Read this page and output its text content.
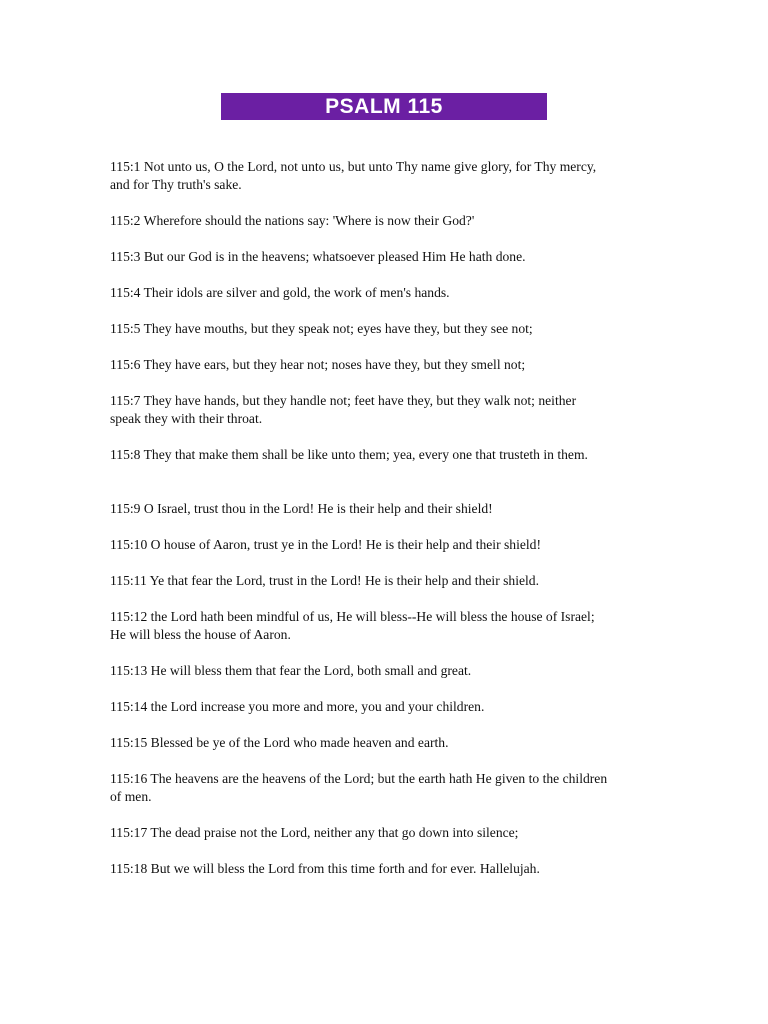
PSALM 115

115:1 Not unto us, O the Lord, not unto us, but unto Thy name give glory, for Thy mercy, and for Thy truth's sake.

115:2 Wherefore should the nations say: 'Where is now their God?'

115:3 But our God is in the heavens; whatsoever pleased Him He hath done.

115:4 Their idols are silver and gold, the work of men's hands.

115:5 They have mouths, but they speak not; eyes have they, but they see not;

115:6 They have ears, but they hear not; noses have they, but they smell not;

115:7 They have hands, but they handle not; feet have they, but they walk not; neither speak they with their throat.

115:8 They that make them shall be like unto them; yea, every one that trusteth in them.

115:9 O Israel, trust thou in the Lord! He is their help and their shield!

115:10 O house of Aaron, trust ye in the Lord! He is their help and their shield!

115:11 Ye that fear the Lord, trust in the Lord! He is their help and their shield.

115:12 the Lord hath been mindful of us, He will bless--He will bless the house of Israel; He will bless the house of Aaron.

115:13 He will bless them that fear the Lord, both small and great.

115:14 the Lord increase you more and more, you and your children.

115:15 Blessed be ye of the Lord who made heaven and earth.

115:16 The heavens are the heavens of the Lord; but the earth hath He given to the children of men.

115:17 The dead praise not the Lord, neither any that go down into silence;

115:18 But we will bless the Lord from this time forth and for ever. Hallelujah.
